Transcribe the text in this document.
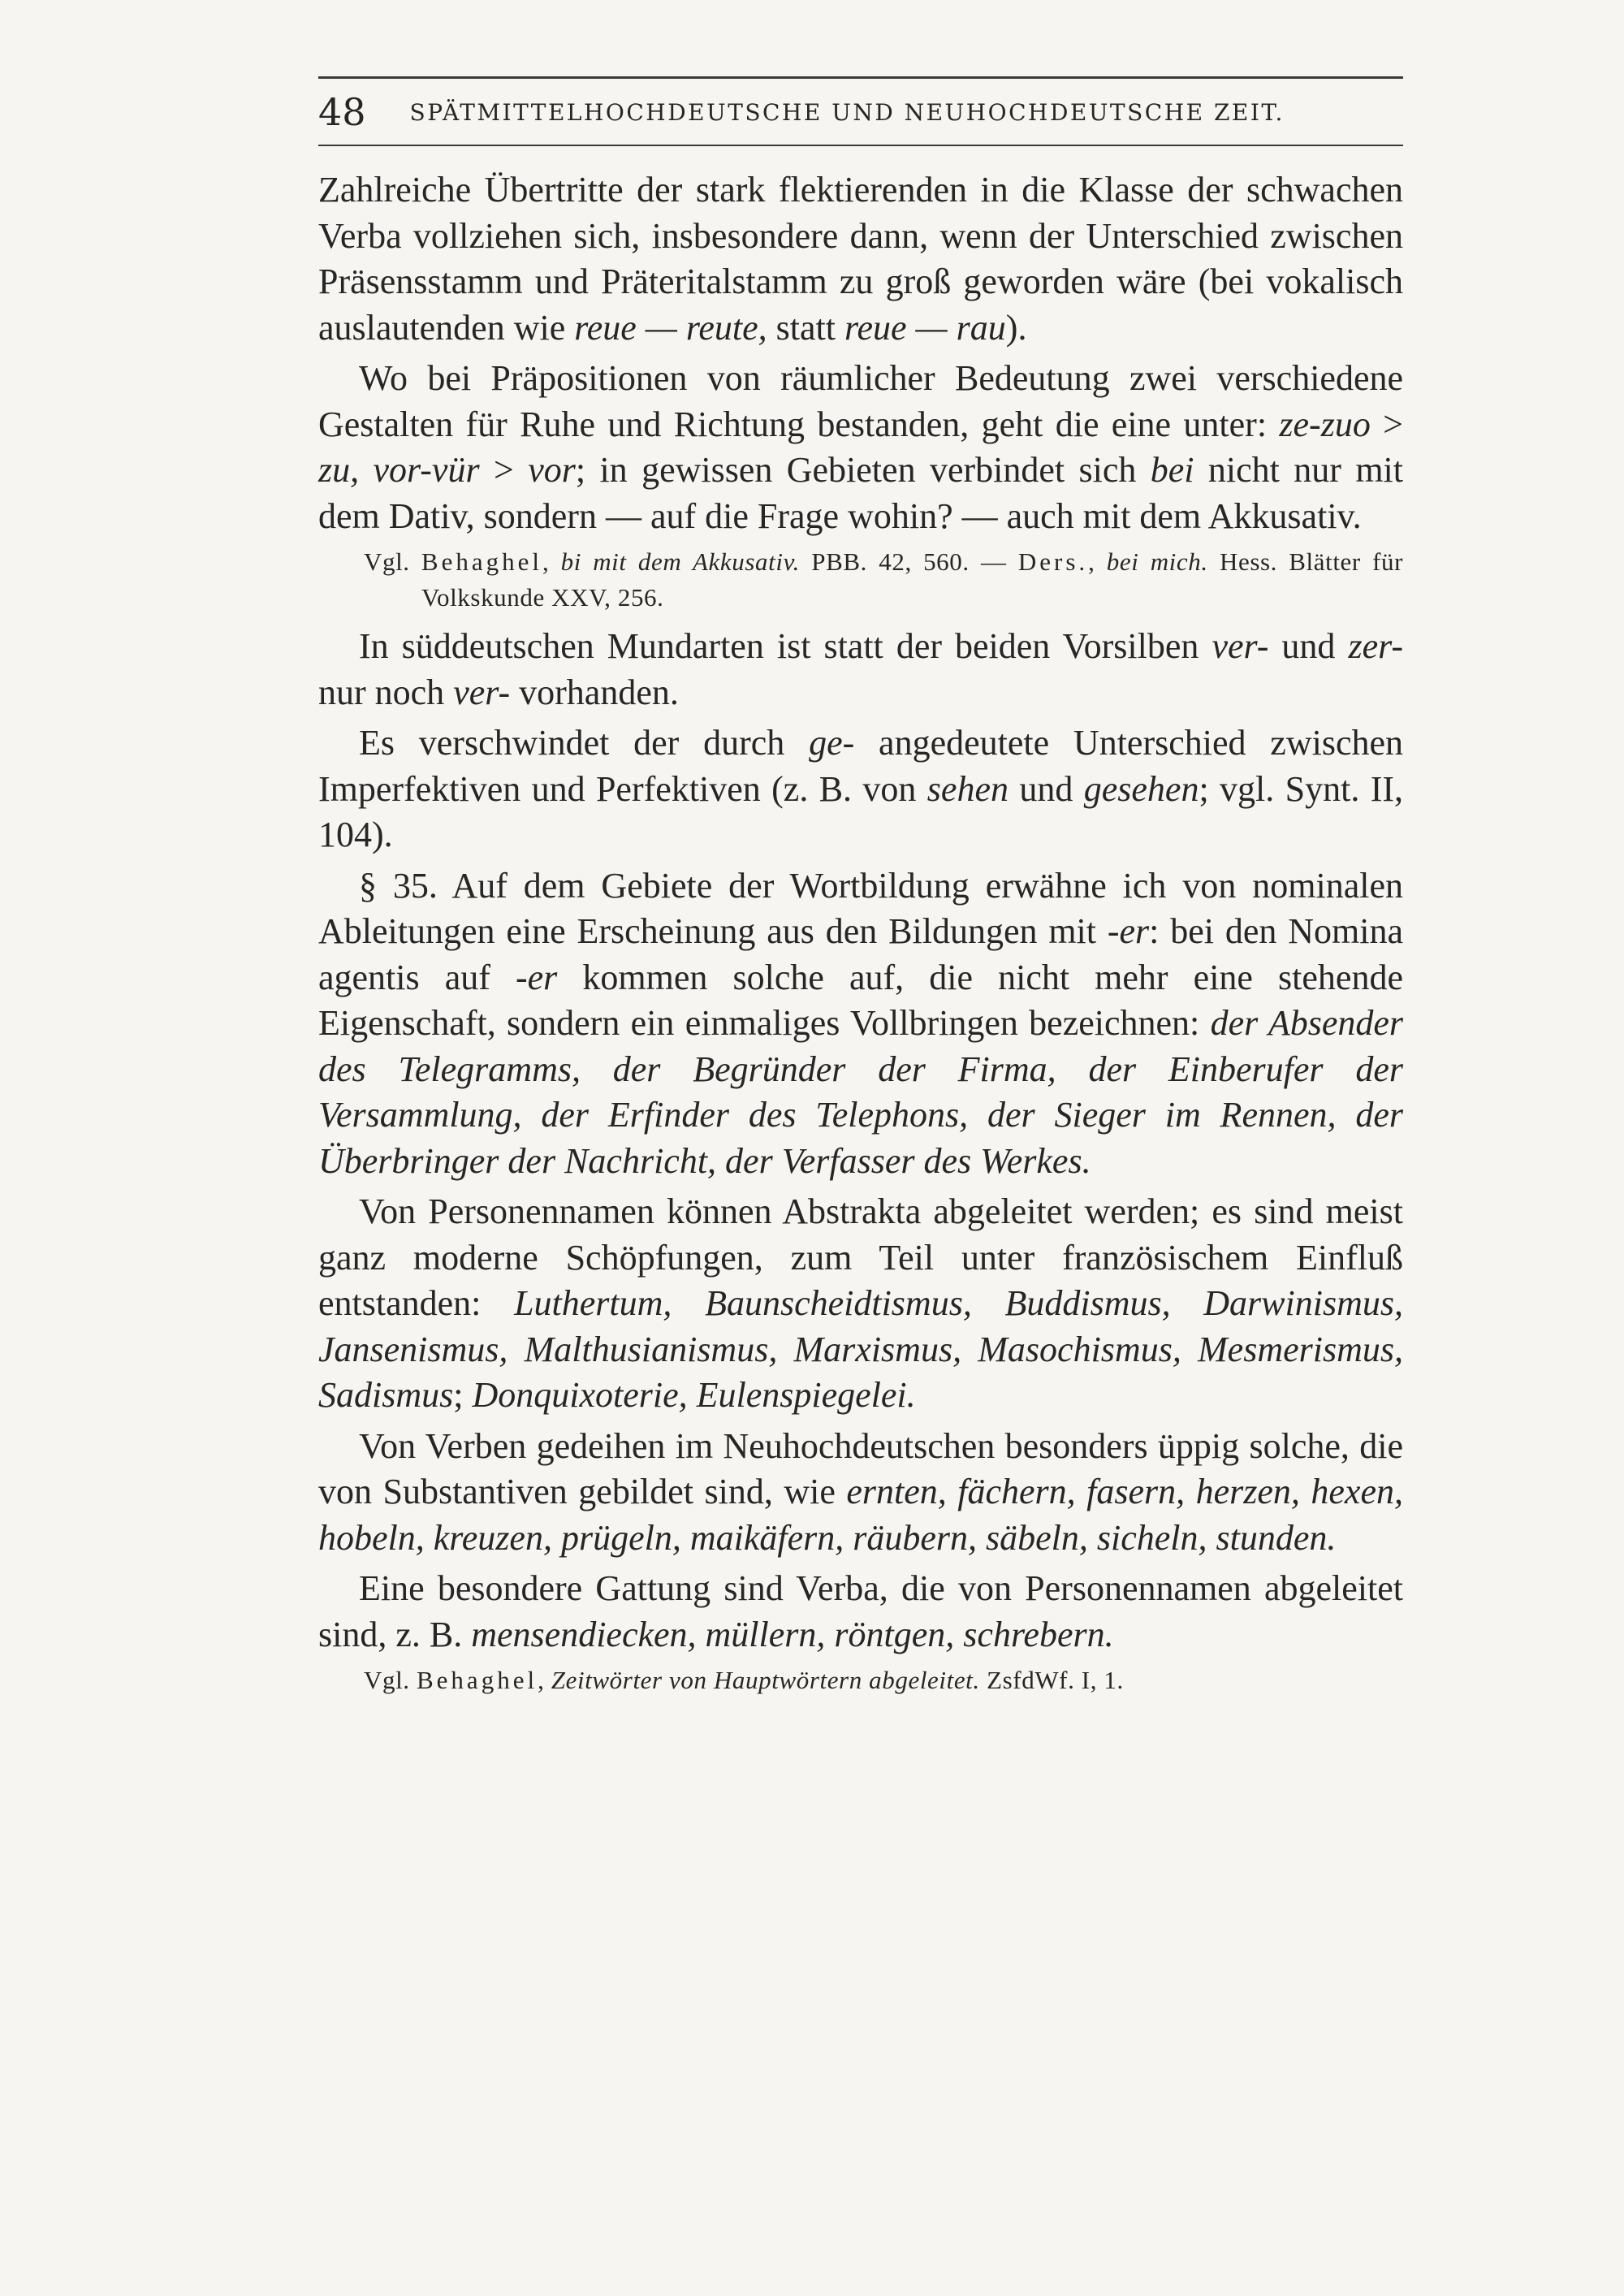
48 SPÄTMITTELHOCHDEUTSCHE UND NEUHOCHDEUTSCHE ZEIT.

Zahlreiche Übertritte der stark flektierenden in die Klasse der schwachen Verba vollziehen sich, insbesondere dann, wenn der Unterschied zwischen Präsensstamm und Präteritalstamm zu groß geworden wäre (bei vokalisch auslautenden wie reue — reute, statt reue — rau).

Wo bei Präpositionen von räumlicher Bedeutung zwei verschiedene Gestalten für Ruhe und Richtung bestanden, geht die eine unter: ze-zuo > zu, vor-vür > vor; in gewissen Gebieten verbindet sich bei nicht nur mit dem Dativ, sondern — auf die Frage wohin? — auch mit dem Akkusativ.

Vgl. Behaghel, bi mit dem Akkusativ. PBB. 42, 560. — Ders., bei mich. Hess. Blätter für Volkskunde XXV, 256.

In süddeutschen Mundarten ist statt der beiden Vorsilben ver- und zer- nur noch ver- vorhanden.

Es verschwindet der durch ge- angedeutete Unterschied zwischen Imperfektiven und Perfektiven (z. B. von sehen und gesehen; vgl. Synt. II, 104).

§ 35. Auf dem Gebiete der Wortbildung erwähne ich von nominalen Ableitungen eine Erscheinung aus den Bildungen mit -er: bei den Nomina agentis auf -er kommen solche auf, die nicht mehr eine stehende Eigenschaft, sondern ein einmaliges Vollbringen bezeichnen: der Absender des Telegramms, der Begründer der Firma, der Einberufer der Versammlung, der Erfinder des Telephons, der Sieger im Rennen, der Überbringer der Nachricht, der Verfasser des Werkes.

Von Personennamen können Abstrakta abgeleitet werden; es sind meist ganz moderne Schöpfungen, zum Teil unter französischem Einfluß entstanden: Luthertum, Baunscheidtismus, Buddismus, Darwinismus, Jansenismus, Malthusianismus, Marxismus, Masochismus, Mesmerismus, Sadismus; Donquixoterie, Eulenspiegelei.

Von Verben gedeihen im Neuhochdeutschen besonders üppig solche, die von Substantiven gebildet sind, wie ernten, fächern, fasern, herzen, hexen, hobeln, kreuzen, prügeln, maikäfern, räubern, säbeln, sicheln, stunden.

Eine besondere Gattung sind Verba, die von Personennamen abgeleitet sind, z. B. mensendiecken, müllern, röntgen, schrebern.

Vgl. Behaghel, Zeitwörter von Hauptwörtern abgeleitet. ZsfdWf. I, 1.
